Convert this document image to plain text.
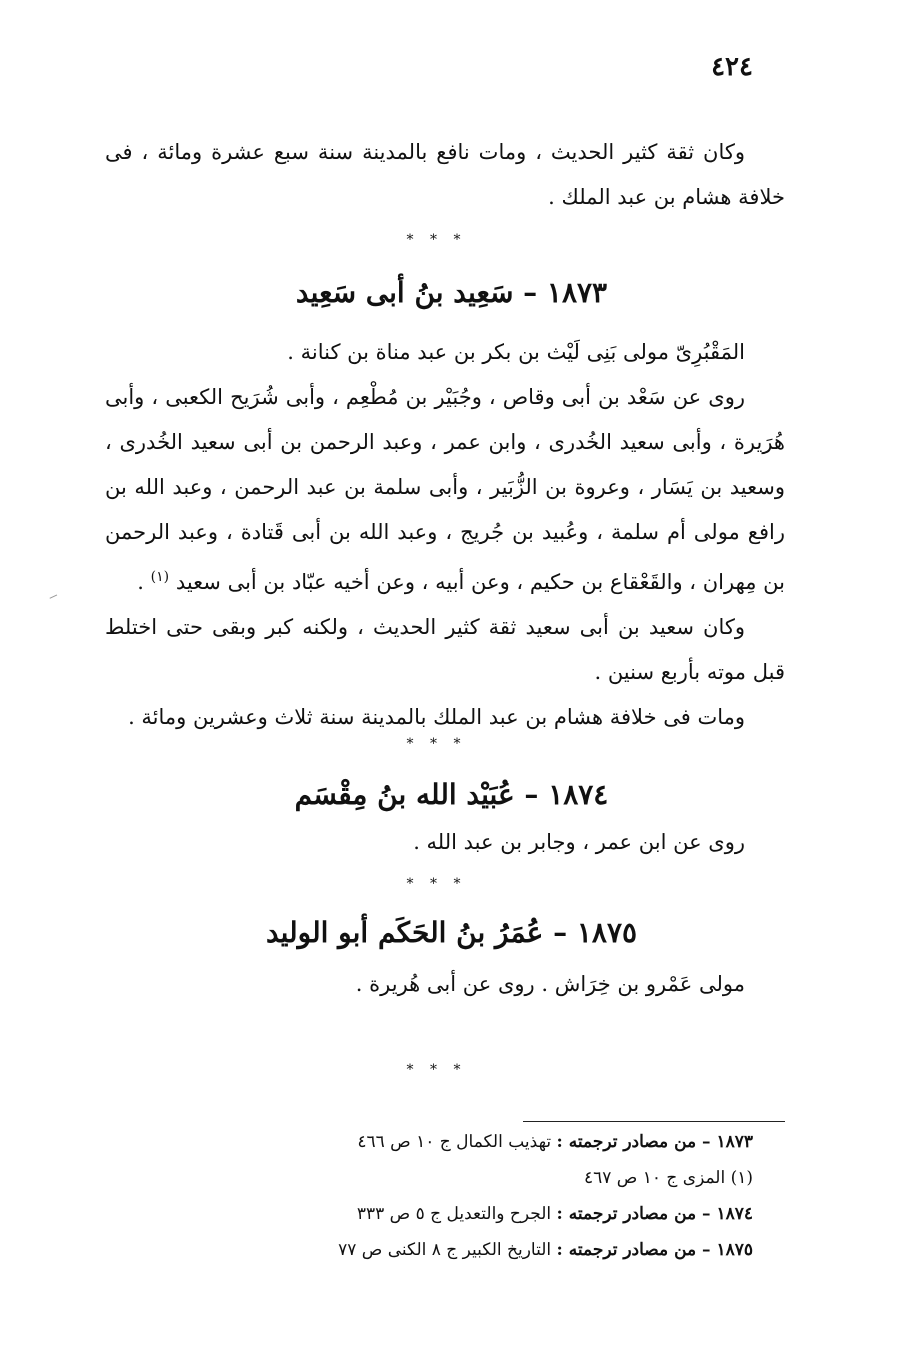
٤٢٤

وكان ثقة كثير الحديث ، ومات نافع بالمدينة سنة سبع عشرة ومائة ، فى خلافة هشام بن عبد الملك .

* * *
١٨٧٣ – سَعِيد بنُ أبى سَعِيد

المَقْبُرِىّ مولى بَنِى لَيْث بن بكر بن عبد مناة بن كنانة .

روى عن سَعْد بن أبى وقاص ، وجُبَيْر بن مُطْعِم ، وأبى شُرَيح الكعبى ، وأبى هُرَيرة ، وأبى سعيد الخُدرى ، وابن عمر ، وعبد الرحمن بن أبى سعيد الخُدرى ، وسعيد بن يَسَار ، وعروة بن الزُّبَير ، وأبى سلمة بن عبد الرحمن ، وعبد الله بن رافع مولى أم سلمة ، وعُبيد بن جُريج ، وعبد الله بن أبى قَتادة ، وعبد الرحمن بن مِهران ، والقَعْقاع بن حكيم ، وعن أبيه ، وعن أخيه عبّاد بن أبى سعيد $^{(١)}$ .

وكان سعيد بن أبى سعيد ثقة كثير الحديث ، ولكنه كبر وبقى حتى اختلط قبل موته بأربع سنين .

ومات فى خلافة هشام بن عبد الملك بالمدينة سنة ثلاث وعشرين ومائة .

* * *
١٨٧٤ – عُبَيْد الله بنُ مِقْسَم

روى عن ابن عمر ، وجابر بن عبد الله .

* * *
١٨٧٥ – عُمَرُ بنُ الحَكَم أبو الوليد

مولى عَمْرو بن خِرَاش . روى عن أبى هُريرة .

* * *
١٨٧٣ – من مصادر ترجمته : تهذيب الكمال ج ١٠ ص ٤٦٦
(١) المزى ج ١٠ ص ٤٦٧
١٨٧٤ – من مصادر ترجمته : الجرح والتعديل ج ٥ ص ٣٣٣
١٨٧٥ – من مصادر ترجمته : التاريخ الكبير ج ٨ الكنى ص ٧٧
